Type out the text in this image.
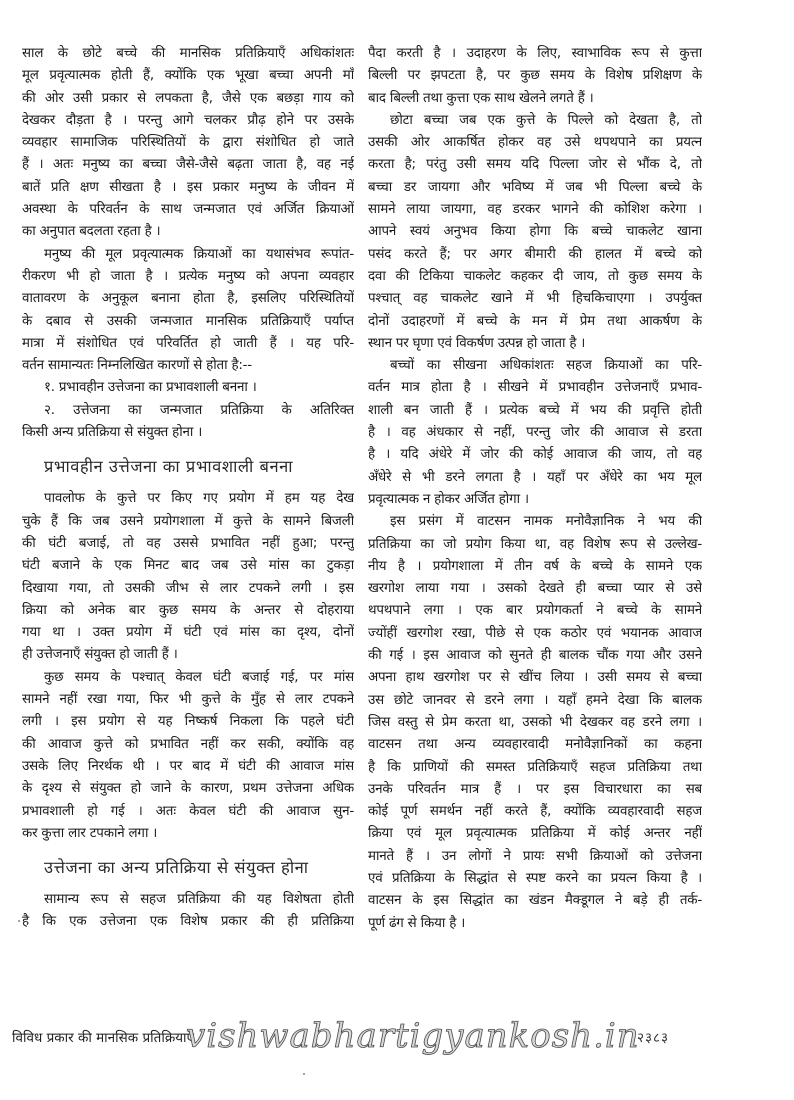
साल के छोटे बच्चे की मानसिक प्रतिक्रियाएँ अधिकांशतः
मूल प्रवृत्यात्मक होती हैं, क्योंकि एक भूखा बच्चा अपनी माँ
की ओर उसी प्रकार से लपकता है, जैसे एक बछड़ा गाय को
देखकर दौड़ता है । परन्तु आगे चलकर प्रौढ़ होने पर उसके
व्यवहार सामाजिक परिस्थितियों के द्वारा संशोधित हो जाते
हैं । अतः मनुष्य का बच्चा जैसे-जैसे बढ़ता जाता है, वह नई
बातें प्रति क्षण सीखता है । इस प्रकार मनुष्य के जीवन में
अवस्था के परिवर्तन के साथ जन्मजात एवं अर्जित क्रियाओं
का अनुपात बदलता रहता है ।
मनुष्य की मूल प्रवृत्यात्मक क्रियाओं का यथासंभव रूपांत-
रीकरण भी हो जाता है । प्रत्येक मनुष्य को अपना व्यवहार
वातावरण के अनुकूल बनाना होता है, इसलिए परिस्थितियों
के दबाव से उसकी जन्मजात मानसिक प्रतिक्रियाएँ पर्याप्त
मात्रा में संशोधित एवं परिवर्तित हो जाती हैं । यह परि-
वर्तन सामान्यतः निम्नलिखित कारणों से होता है:--
१. प्रभावहीन उत्तेजना का प्रभावशाली बनना ।
२. उत्तेजना का जन्मजात प्रतिक्रिया के अतिरिक्त
किसी अन्य प्रतिक्रिया से संयुक्त होना ।
प्रभावहीन उत्तेजना का प्रभावशाली बनना
पावलोफ के कुत्ते पर किए गए प्रयोग में हम यह देख
चुके हैं कि जब उसने प्रयोगशाला में कुत्ते के सामने बिजली
की घंटी बजाई, तो वह उससे प्रभावित नहीं हुआ; परन्तु
घंटी बजाने के एक मिनट बाद जब उसे मांस का टुकड़ा
दिखाया गया, तो उसकी जीभ से लार टपकने लगी । इस
क्रिया को अनेक बार कुछ समय के अन्तर से दोहराया
गया था । उक्त प्रयोग में घंटी एवं मांस का दृश्य, दोनों
ही उत्तेजनाएँ संयुक्त हो जाती हैं ।
कुछ समय के पश्चात् केवल घंटी बजाई गई, पर मांस
सामने नहीं रखा गया, फिर भी कुत्ते के मुँह से लार टपकने
लगी । इस प्रयोग से यह निष्कर्ष निकला कि पहले घंटी
की आवाज कुत्ते को प्रभावित नहीं कर सकी, क्योंकि वह
उसके लिए निरर्थक थी । पर बाद में घंटी की आवाज मांस
के दृश्य से संयुक्त हो जाने के कारण, प्रथम उत्तेजना अधिक
प्रभावशाली हो गई । अतः केवल घंटी की आवाज सुन-
कर कुत्ता लार टपकाने लगा ।
उत्तेजना का अन्य प्रतिक्रिया से संयुक्त होना
सामान्य रूप से सहज प्रतिक्रिया की यह विशेषता होती
है कि एक उत्तेजना एक विशेष प्रकार की ही प्रतिक्रिया
पैदा करती है । उदाहरण के लिए, स्वाभाविक रूप से कुत्ता
बिल्ली पर झपटता है, पर कुछ समय के विशेष प्रशिक्षण के
बाद बिल्ली तथा कुत्ता एक साथ खेलने लगते हैं ।
छोटा बच्चा जब एक कुत्ते के पिल्ले को देखता है, तो
उसकी ओर आकर्षित होकर वह उसे थपथपाने का प्रयत्न
करता है; परंतु उसी समय यदि पिल्ला जोर से भौंक दे, तो
बच्चा डर जायगा और भविष्य में जब भी पिल्ला बच्चे के
सामने लाया जायगा, वह डरकर भागने की कोशिश करेगा ।
आपने स्वयं अनुभव किया होगा कि बच्चे चाकलेट खाना
पसंद करते हैं; पर अगर बीमारी की हालत में बच्चे को
दवा की टिकिया चाकलेट कहकर दी जाय, तो कुछ समय के
पश्चात् वह चाकलेट खाने में भी हिचकिचाएगा । उपर्युक्त
दोनों उदाहरणों में बच्चे के मन में प्रेम तथा आकर्षण के
स्थान पर घृणा एवं विकर्षण उत्पन्न हो जाता है ।
बच्चों का सीखना अधिकांशतः सहज क्रियाओं का परि-
वर्तन मात्र होता है । सीखने में प्रभावहीन उत्तेजनाएँ प्रभाव-
शाली बन जाती हैं । प्रत्येक बच्चे में भय की प्रवृत्ति होती
है । वह अंधकार से नहीं, परन्तु जोर की आवाज से डरता
है । यदि अंधेरे में जोर की कोई आवाज की जाय, तो वह
अँधेरे से भी डरने लगता है । यहाँ पर अँधेरे का भय मूल
प्रवृत्यात्मक न होकर अर्जित होगा ।
इस प्रसंग में वाटसन नामक मनोवैज्ञानिक ने भय की
प्रतिक्रिया का जो प्रयोग किया था, वह विशेष रूप से उल्लेख-
नीय है । प्रयोगशाला में तीन वर्ष के बच्चे के सामने एक
खरगोश लाया गया । उसको देखते ही बच्चा प्यार से उसे
थपथपाने लगा । एक बार प्रयोगकर्ता ने बच्चे के सामने
ज्योंहीं खरगोश रखा, पीछे से एक कठोर एवं भयानक आवाज
की गई । इस आवाज को सुनते ही बालक चौंक गया और उसने
अपना हाथ खरगोश पर से खींच लिया । उसी समय से बच्चा
उस छोटे जानवर से डरने लगा । यहाँ हमने देखा कि बालक
जिस वस्तु से प्रेम करता था, उसको भी देखकर वह डरने लगा ।
वाटसन तथा अन्य व्यवहारवादी मनोवैज्ञानिकों का कहना
है कि प्राणियों की समस्त प्रतिक्रियाएँ सहज प्रतिक्रिया तथा
उनके परिवर्तन मात्र हैं । पर इस विचारधारा का सब
कोई पूर्ण समर्थन नहीं करते हैं, क्योंकि व्यवहारवादी सहज
क्रिया एवं मूल प्रवृत्यात्मक प्रतिक्रिया में कोई अन्तर नहीं
मानते हैं । उन लोगों ने प्रायः सभी क्रियाओं को उत्तेजना
एवं प्रतिक्रिया के सिद्धांत से स्पष्ट करने का प्रयत्न किया है ।
वाटसन के इस सिद्धांत का खंडन मैक्डूगल ने बड़े ही तर्क-
पूर्ण ढंग से किया है ।
विविध प्रकार की मानसिक प्रतिक्रियाएँ
vishwabhartigyankosh.in
२३८३
